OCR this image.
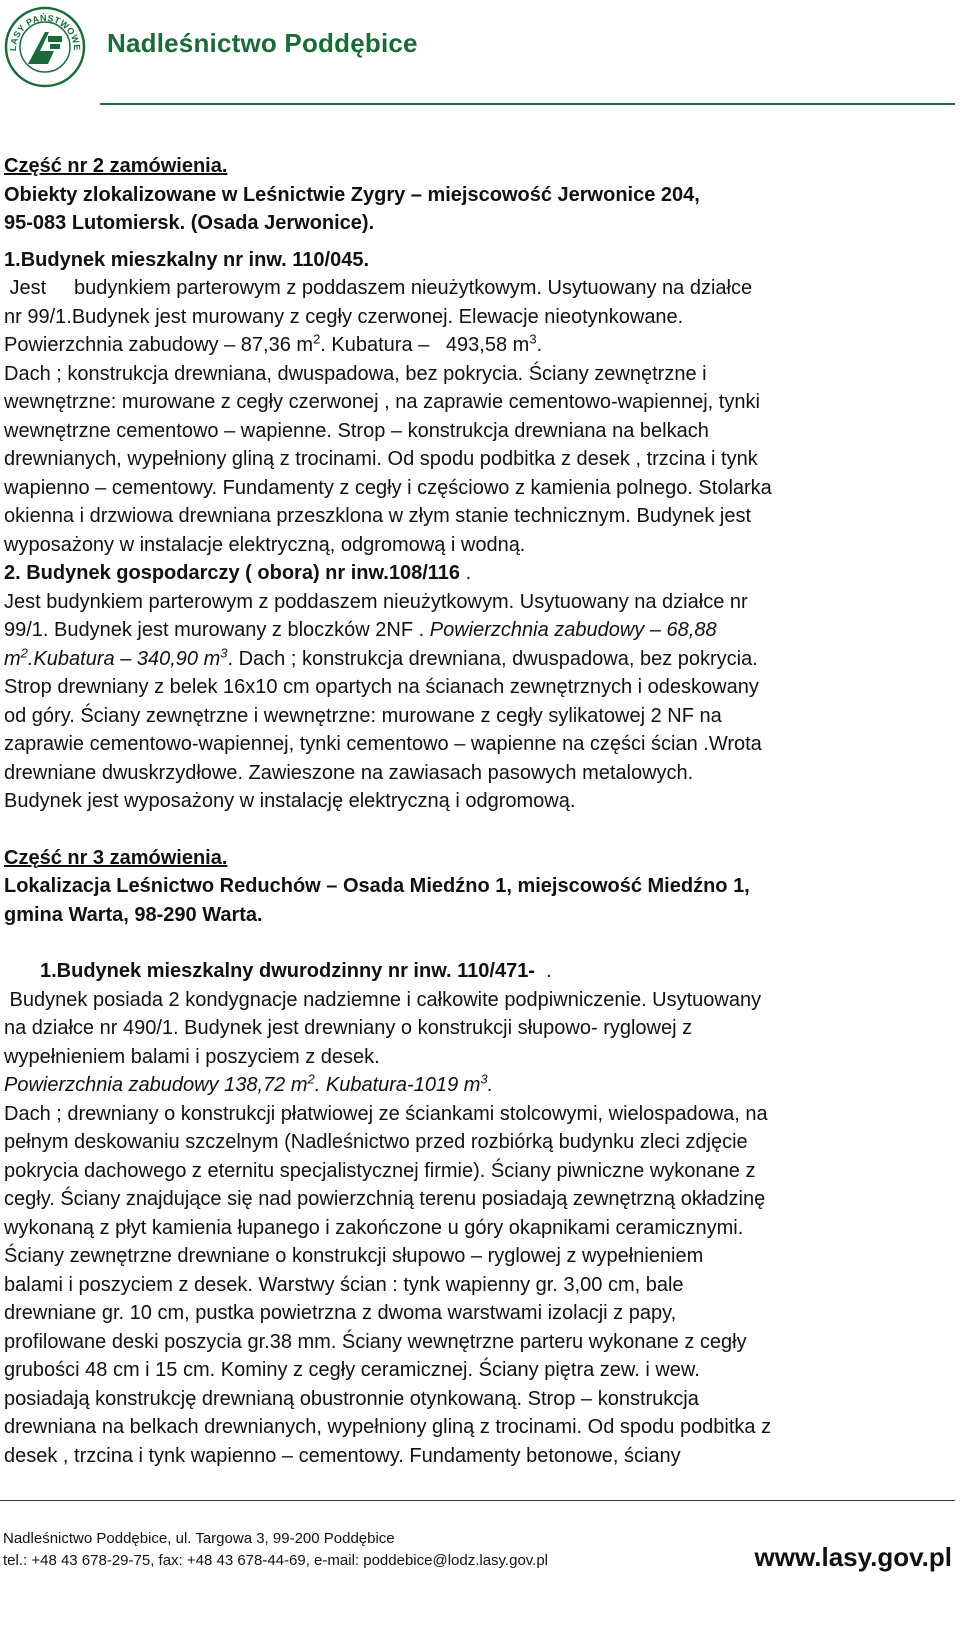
LASY PAŃSTWOWE Nadleśnictwo Poddębice

Część nr 2 zamówienia.

Obiekty zlokalizowane w Leśnictwie Zygry – miejscowość Jerwonice 204,

95-083 Lutomiersk. (Osada Jerwonice).

1.Budynek mieszkalny nr inw. 110/045.

Jest     budynkiem parterowym z poddaszem nieużytkowym. Usytuowany na działce

nr 99/1.Budynek jest murowany z cegły czerwonej. Elewacje nieotynkowane.

Powierzchnia zabudowy – 87,36 $m^2$. Kubatura –   493,58 $m^3$.

Dach ; konstrukcja drewniana, dwuspadowa, bez pokrycia. Ściany zewnętrzne i

wewnętrzne: murowane z cegły czerwonej , na zaprawie cementowo-wapiennej, tynki

wewnętrzne cementowo – wapienne. Strop – konstrukcja drewniana na belkach

drewnianych, wypełniony gliną z trocinami. Od spodu podbitka z desek , trzcina i tynk

wapienno – cementowy. Fundamenty z cegły i częściowo z kamienia polnego. Stolarka

okienna i drzwiowa drewniana przeszklona w złym stanie technicznym. Budynek jest

wyposażony w instalacje elektryczną, odgromową i wodną.

2. Budynek gospodarczy ( obora) nr inw.108/116 .

Jest budynkiem parterowym z poddaszem nieużytkowym. Usytuowany na działce nr

99/1. Budynek jest murowany z bloczków 2NF . Powierzchnia zabudowy – 68,88

$m^2.Kubatura - 340,90$ $m^3$. Dach ; konstrukcja drewniana, dwuspadowa, bez pokrycia.

Strop drewniany z belek 16x10 cm opartych na ścianach zewnętrznych i odeskowany

od góry. Ściany zewnętrzne i wewnętrzne: murowane z cegły sylikatowej 2 NF na

zaprawie cementowo-wapiennej, tynki cementowo – wapienne na części ścian .Wrota

drewniane dwuskrzydłowe. Zawieszone na zawiasach pasowych metalowych.

Budynek jest wyposażony w instalację elektryczną i odgromową.

Część nr 3 zamówienia.

Lokalizacja Leśnictwo Reduchów – Osada Miedźno 1, miejscowość Miedźno 1,

gmina Warta, 98-290 Warta.

1.Budynek mieszkalny dwurodzinny nr inw. 110/471-  .

Budynek posiada 2 kondygnacje nadziemne i całkowite podpiwniczenie. Usytuowany

na działce nr 490/1. Budynek jest drewniany o konstrukcji słupowo- ryglowej z

wypełnieniem balami i poszyciem z desek.

Powierzchnia zabudowy 138,72 $m^2$. Kubatura-1019 $m^3$.

Dach ; drewniany o konstrukcji płatwiowej ze ściankami stolcowymi, wielospadowa, na

pełnym deskowaniu szczelnym (Nadleśnictwo przed rozbiórką budynku zleci zdjęcie

pokrycia dachowego z eternitu specjalistycznej firmie). Ściany piwniczne wykonane z

cegły. Ściany znajdujące się nad powierzchnią terenu posiadają zewnętrzną okładzinę

wykonaną z płyt kamienia łupanego i zakończone u góry okapnikami ceramicznymi.

Ściany zewnętrzne drewniane o konstrukcji słupowo – ryglowej z wypełnieniem

balami i poszyciem z desek. Warstwy ścian : tynk wapienny gr. 3,00 cm, bale

drewniane gr. 10 cm, pustka powietrzna z dwoma warstwami izolacji z papy,

profilowane deski poszycia gr.38 mm. Ściany wewnętrzne parteru wykonane z cegły

grubości 48 cm i 15 cm. Kominy z cegły ceramicznej. Ściany piętra zew. i wew.

posiadają konstrukcję drewnianą obustronnie otynkowaną. Strop – konstrukcja

drewniana na belkach drewnianych, wypełniony gliną z trocinami. Od spodu podbitka z

desek , trzcina i tynk wapienno – cementowy. Fundamenty betonowe, ściany

Nadleśnictwo Poddębice, ul. Targowa 3, 99-200 Poddębice
tel.: +48 43 678-29-75, fax: +48 43 678-44-69, e-mail: poddebice@lodz.lasy.gov.pl	www.lasy.gov.pl
